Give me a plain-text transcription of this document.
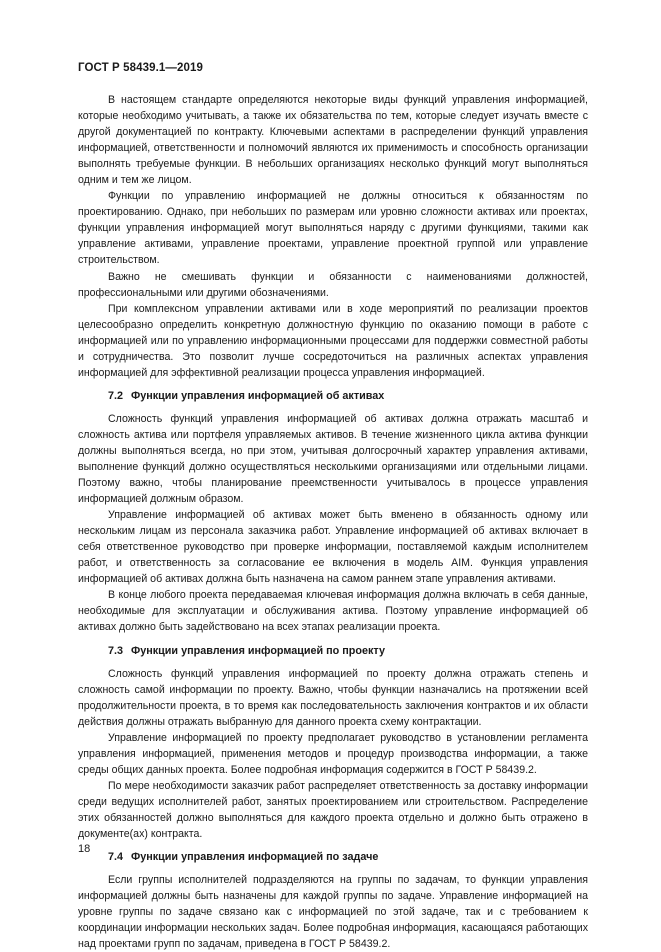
ГОСТ Р 58439.1—2019

В настоящем стандарте определяются некоторые виды функций управления информацией, которые необходимо учитывать, а также их обязательства по тем, которые следует изучать вместе с другой документацией по контракту. Ключевыми аспектами в распределении функций управления информацией, ответственности и полномочий являются их применимость и способность организации выполнять требуемые функции. В небольших организациях несколько функций могут выполняться одним и тем же лицом.

Функции по управлению информацией не должны относиться к обязанностям по проектированию. Однако, при небольших по размерам или уровню сложности активах или проектах, функции управления информацией могут выполняться наряду с другими функциями, такими как управление активами, управление проектами, управление проектной группой или управление строительством.

Важно не смешивать функции и обязанности с наименованиями должностей, профессиональными или другими обозначениями.

При комплексном управлении активами или в ходе мероприятий по реализации проектов целесообразно определить конкретную должностную функцию по оказанию помощи в работе с информацией или по управлению информационными процессами для поддержки совместной работы и сотрудничества. Это позволит лучше сосредоточиться на различных аспектах управления информацией для эффективной реализации процесса управления информацией.

7.2 Функции управления информацией об активах

Сложность функций управления информацией об активах должна отражать масштаб и сложность актива или портфеля управляемых активов. В течение жизненного цикла актива функции должны выполняться всегда, но при этом, учитывая долгосрочный характер управления активами, выполнение функций должно осуществляться несколькими организациями или отдельными лицами. Поэтому важно, чтобы планирование преемственности учитывалось в процессе управления информацией должным образом.

Управление информацией об активах может быть вменено в обязанность одному или нескольким лицам из персонала заказчика работ. Управление информацией об активах включает в себя ответственное руководство при проверке информации, поставляемой каждым исполнителем работ, и ответственность за согласование ее включения в модель AIM. Функция управления информацией об активах должна быть назначена на самом раннем этапе управления активами.

В конце любого проекта передаваемая ключевая информация должна включать в себя данные, необходимые для эксплуатации и обслуживания актива. Поэтому управление информацией об активах должно быть задействовано на всех этапах реализации проекта.

7.3 Функции управления информацией по проекту

Сложность функций управления информацией по проекту должна отражать степень и сложность самой информации по проекту. Важно, чтобы функции назначались на протяжении всей продолжительности проекта, в то время как последовательность заключения контрактов и их области действия должны отражать выбранную для данного проекта схему контрактации.

Управление информацией по проекту предполагает руководство в установлении регламента управления информацией, применения методов и процедур производства информации, а также среды общих данных проекта. Более подробная информация содержится в ГОСТ Р 58439.2.

По мере необходимости заказчик работ распределяет ответственность за доставку информации среди ведущих исполнителей работ, занятых проектированием или строительством. Распределение этих обязанностей должно выполняться для каждого проекта отдельно и должно быть отражено в документе(ах) контракта.

7.4 Функции управления информацией по задаче

Если группы исполнителей подразделяются на группы по задачам, то функции управления информацией должны быть назначены для каждой группы по задаче. Управление информацией на уровне группы по задаче связано как с информацией по этой задаче, так и с требованием к координации информации нескольких задач. Более подробная информация, касающаяся работающих над проектами групп по задачам, приведена в ГОСТ Р 58439.2.

18
